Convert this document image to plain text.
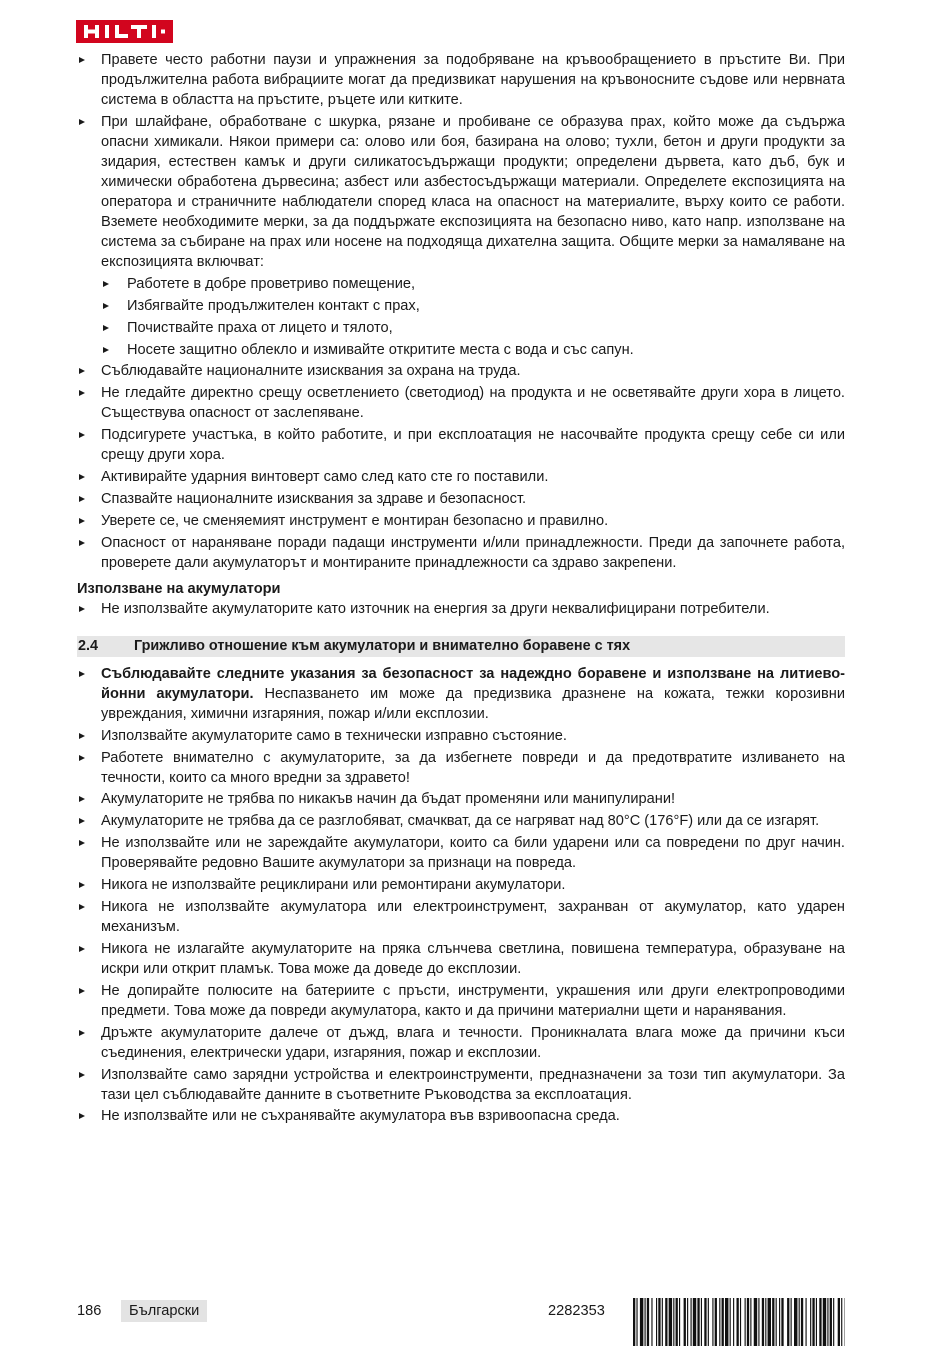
Правете често работни паузи и упражнения за подобряване на кръвообращението в пръстите Ви. При продължителна работа вибрациите могат да предизвикат нарушения на кръвоносните съдове или нервната система в областта на пръстите, ръцете или китките.
При шлайфане, обработване с шкурка, рязане и пробиване се образува прах, който може да съдържа опасни химикали. Някои примери са: олово или боя, базирана на олово; тухли, бетон и други продукти за зидария, естествен камък и други силикатосъдържащи продукти; определени дървета, като дъб, бук и химически обработена дървесина; азбест или азбестосъдържащи материали. Определете експозицията на оператора и страничните наблюдатели според класа на опасност на материалите, върху които се работи. Вземете необходимите мерки, за да поддържате експозицията на безопасно ниво, като напр. използване на система за събиране на прах или носене на подходяща дихателна защита. Общите мерки за намаляване на експозицията включват:
Работете в добре проветриво помещение,
Избягвайте продължителен контакт с прах,
Почиствайте праха от лицето и тялото,
Носете защитно облекло и измивайте откритите места с вода и със сапун.
Съблюдавайте националните изисквания за охрана на труда.
Не гледайте директно срещу осветлението (светодиод) на продукта и не осветявайте други хора в лицето. Съществува опасност от заслепяване.
Подсигурете участъка, в който работите, и при експлоатация не насочвайте продукта срещу себе си или срещу други хора.
Активирайте ударния винтоверт само след като сте го поставили.
Спазвайте националните изисквания за здраве и безопасност.
Уверете се, че сменяемият инструмент е монтиран безопасно и правилно.
Опасност от нараняване поради падащи инструменти и/или принадлежности. Преди да започнете работа, проверете дали акумулаторът и монтираните принадлежности са здраво закрепени.
Използване на акумулатори
Не използвайте акумулаторите като източник на енергия за други неквалифицирани потребители.
2.4	Грижливо отношение към акумулатори и внимателно боравене с тях
Съблюдавайте следните указания за безопасност за надеждно боравене и използване на литиево-йонни акумулатори. Неспазването им може да предизвика дразнене на кожата, тежки корозивни увреждания, химични изгаряния, пожар и/или експлозии.
Използвайте акумулаторите само в технически изправно състояние.
Работете внимателно с акумулаторите, за да избегнете повреди и да предотвратите изливането на течности, които са много вредни за здравето!
Акумулаторите не трябва по никакъв начин да бъдат променяни или манипулирани!
Акумулаторите не трябва да се разглобяват, смачкват, да се нагряват над 80°C (176°F) или да се изгарят.
Не използвайте или не зареждайте акумулатори, които са били ударени или са повредени по друг начин. Проверявайте редовно Вашите акумулатори за признаци на повреда.
Никога не използвайте рециклирани или ремонтирани акумулатори.
Никога не използвайте акумулатора или електроинструмент, захранван от акумулатор, като ударен механизъм.
Никога не излагайте акумулаторите на пряка слънчева светлина, повишена температура, образуване на искри или открит пламък. Това може да доведе до експлозии.
Не допирайте полюсите на батериите с пръсти, инструменти, украшения или други електропроводими предмети. Това може да повреди акумулатора, както и да причини материални щети и наранявания.
Дръжте акумулаторите далече от дъжд, влага и течности. Проникналата влага може да причини къси съединения, електрически удари, изгаряния, пожар и експлозии.
Използвайте само зарядни устройства и електроинструменти, предназначени за този тип акумулатори. За тази цел съблюдавайте данните в съответните Ръководства за експлоатация.
Не използвайте или не съхранявайте акумулатора във взривоопасна среда.
186	Български	2282353
